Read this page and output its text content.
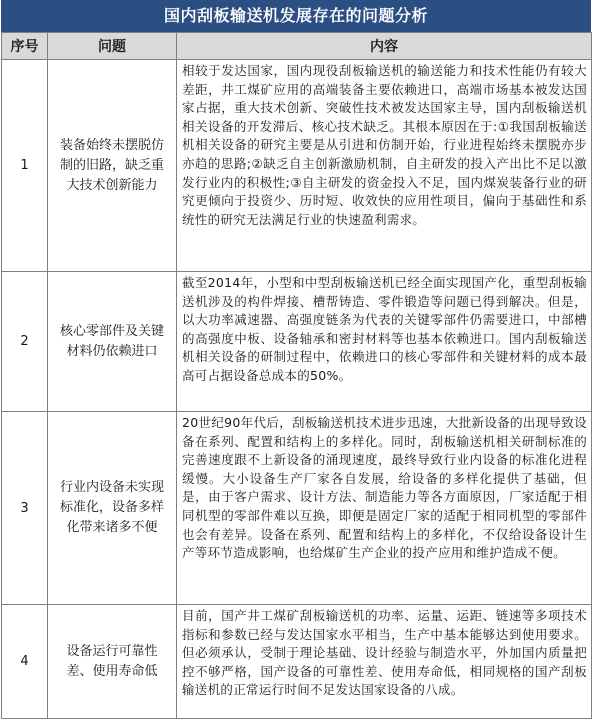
国内刮板输送机发展存在的问题分析
序号	问题	内容
1	装备始终未摆脱仿制的旧路，缺乏重大技术创新能力	相较于发达国家，国内现役刮板输送机的输送能力和技术性能仍有较大差距，井工煤矿应用的高端装备主要依赖进口，高端市场基本被发达国家占据，重大技术创新、突破性技术被发达国家主导，国内刮板输送机相关设备的开发滞后、核心技术缺乏。其根本原因在于:①我国刮板输送机相关设备的研究主要是从引进和仿制开始，行业进程始终未摆脱亦步亦趋的思路;②缺乏自主创新激励机制，自主研发的投入产出比不足以激发行业内的积极性;③自主研发的资金投入不足，国内煤炭装备行业的研究更倾向于投资少、历时短、收效快的应用性项目，偏向于基础性和系统性的研究无法满足行业的快速盈利需求。
2	核心零部件及关键材料仍依赖进口	截至2014年，小型和中型刮板输送机已经全面实现国产化，重型刮板输送机涉及的构件焊接、槽帮铸造、零件锻造等问题已得到解决。但是，以大功率减速器、高强度链条为代表的关键零部件仍需要进口，中部槽的高强度中板、设备轴承和密封材料等也基本依赖进口。国内刮板输送机相关设备的研制过程中，依赖进口的核心零部件和关键材料的成本最高可占据设备总成本的50%。
3	行业内设备未实现标准化，设备多样化带来诸多不便	20世纪90年代后，刮板输送机技术进步迅速，大批新设备的出现导致设备在系列、配置和结构上的多样化。同时，刮板输送机相关研制标准的完善速度跟不上新设备的涌现速度，最终导致行业内设备的标准化进程缓慢。大小设备生产厂家各自发展，给设备的多样化提供了基础，但是，由于客户需求、设计方法、制造能力等各方面原因，厂家适配于相同机型的零部件难以互换，即便是固定厂家的适配于相同机型的零部件也会有差异。设备在系列、配置和结构上的多样化，不仅给设备设计生产等环节造成影响，也给煤矿生产企业的投产应用和维护造成不便。
4	设备运行可靠性差、使用寿命低	目前，国产井工煤矿刮板输送机的功率、运量、运距、链速等多项技术指标和参数已经与发达国家水平相当，生产中基本能够达到使用要求。但必须承认，受制于理论基础、设计经验与制造水平，外加国内质量把控不够严格，国产设备的可靠性差、使用寿命低，相同规格的国产刮板输送机的正常运行时间不足发达国家设备的八成。
